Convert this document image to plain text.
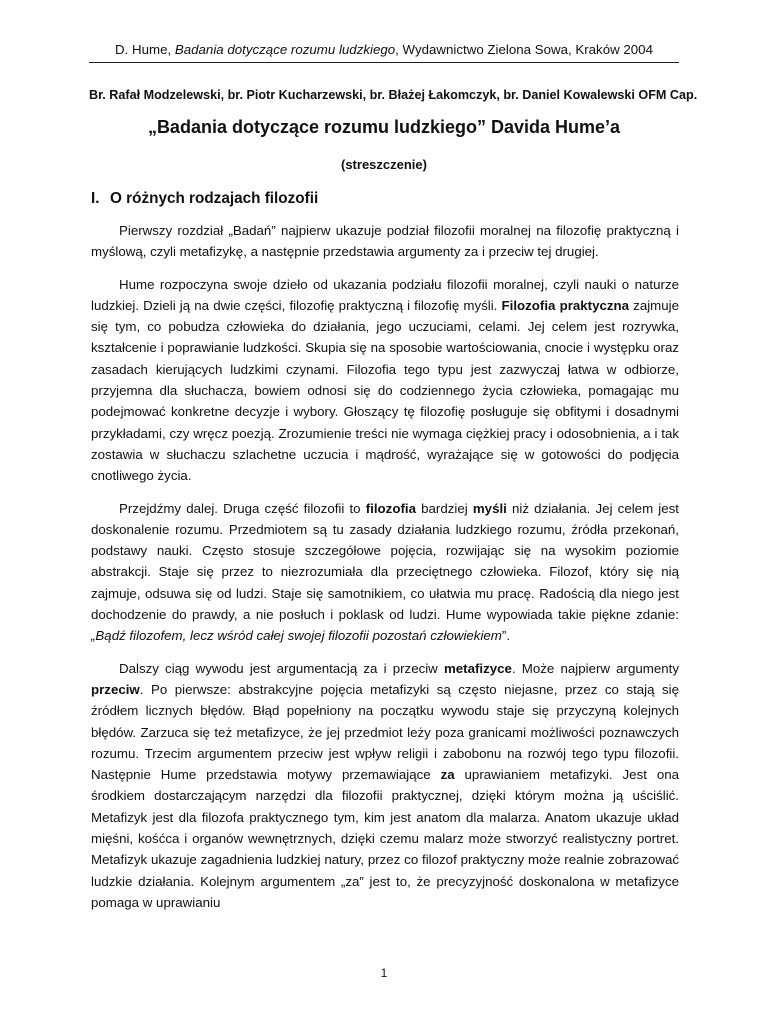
D. Hume, Badania dotyczące rozumu ludzkiego, Wydawnictwo Zielona Sowa, Kraków 2004
Br. Rafał Modzelewski, br. Piotr Kucharzewski, br. Błażej Łakomczyk, br. Daniel Kowalewski OFM Cap.
„Badania dotyczące rozumu ludzkiego” Davida Hume’a
(streszczenie)
I. O różnych rodzajach filozofii

Pierwszy rozdział „Badań” najpierw ukazuje podział filozofii moralnej na filozofię praktyczną i myślową, czyli metafizykę, a następnie przedstawia argumenty za i przeciw tej drugiej.

Hume rozpoczyna swoje dzieło od ukazania podziału filozofii moralnej, czyli nauki o naturze ludzkiej. Dzieli ją na dwie części, filozofię praktyczną i filozofię myśli. Filozofia praktyczna zajmuje się tym, co pobudza człowieka do działania, jego uczuciami, celami. Jej celem jest rozrywka, kształcenie i poprawianie ludzkości. Skupia się na sposobie wartościowania, cnocie i występku oraz zasadach kierujących ludzkimi czynami. Filozofia tego typu jest zazwyczaj łatwa w odbiorze, przyjemna dla słuchacza, bowiem odnosi się do codziennego życia człowieka, pomagając mu podejmować konkretne decyzje i wybory. Głoszący tę filozofię posługuje się obfitymi i dosadnymi przykładami, czy wręcz poezją. Zrozumienie treści nie wymaga ciężkiej pracy i odosobnienia, a i tak zostawia w słuchaczu szlachetne uczucia i mądrość, wyrażające się w gotowości do podjęcia cnotliwego życia.

Przejdźmy dalej. Druga część filozofii to filozofia bardziej myśli niż działania. Jej celem jest doskonalenie rozumu. Przedmiotem są tu zasady działania ludzkiego rozumu, źródła przekonań, podstawy nauki. Często stosuje szczegółowe pojęcia, rozwijając się na wysokim poziomie abstrakcji. Staje się przez to niezrozumiała dla przeciętnego człowieka. Filozof, który się nią zajmuje, odsuwa się od ludzi. Staje się samotnikiem, co ułatwia mu pracę. Radością dla niego jest dochodzenie do prawdy, a nie posłuch i poklask od ludzi. Hume wypowiada takie piękne zdanie: „Bądź filozofem, lecz wśród całej swojej filozofii pozostań człowiekiem”.

Dalszy ciąg wywodu jest argumentacją za i przeciw metafizyce. Może najpierw argumenty przeciw. Po pierwsze: abstrakcyjne pojęcia metafizyki są często niejasne, przez co stają się źródłem licznych błędów. Błąd popełniony na początku wywodu staje się przyczyną kolejnych błędów. Zarzuca się też metafizyce, że jej przedmiot leży poza granicami możliwości poznawczych rozumu. Trzecim argumentem przeciw jest wpływ religii i zabobonu na rozwój tego typu filozofii. Następnie Hume przedstawia motywy przemawiające za uprawianiem metafizyki. Jest ona środkiem dostarczającym narzędzi dla filozofii praktycznej, dzięki którym można ją uściślić. Metafizyk jest dla filozofa praktycznego tym, kim jest anatom dla malarza. Anatom ukazuje układ mięśni, kośćca i organów wewnętrznych, dzięki czemu malarz może stworzyć realistyczny portret. Metafizyk ukazuje zagadnienia ludzkiej natury, przez co filozof praktyczny może realnie zobrazować ludzkie działania. Kolejnym argumentem „za” jest to, że precyzyjność doskonalona w metafizyce pomaga w uprawianiu

1
